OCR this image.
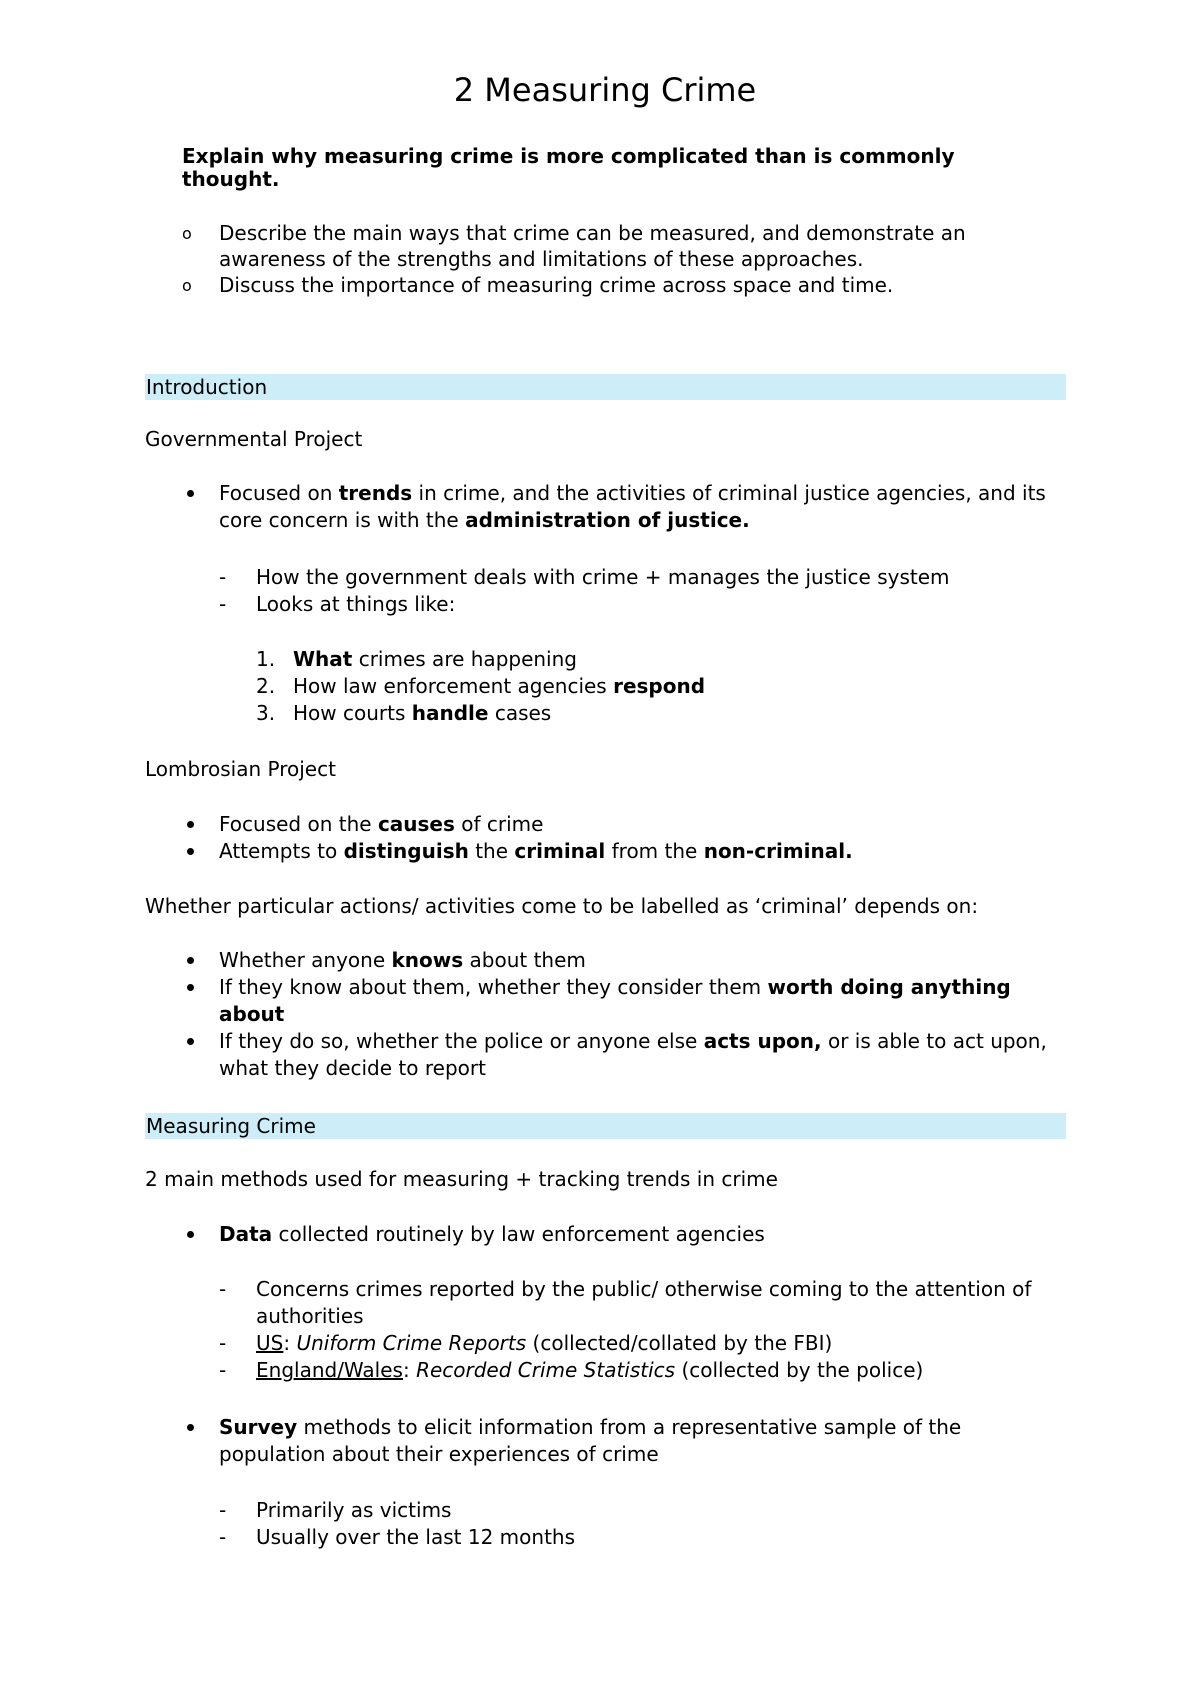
2 Measuring Crime
Explain why measuring crime is more complicated than is commonly thought.
o Describe the main ways that crime can be measured, and demonstrate an awareness of the strengths and limitations of these approaches.
o Discuss the importance of measuring crime across space and time.
Introduction
Governmental Project
Focused on trends in crime, and the activities of criminal justice agencies, and its core concern is with the administration of justice.
- How the government deals with crime + manages the justice system
- Looks at things like:
1. What crimes are happening
2. How law enforcement agencies respond
3. How courts handle cases
Lombrosian Project
Focused on the causes of crime
Attempts to distinguish the criminal from the non-criminal.
Whether particular actions/ activities come to be labelled as ‘criminal’ depends on:
Whether anyone knows about them
If they know about them, whether they consider them worth doing anything about
If they do so, whether the police or anyone else acts upon, or is able to act upon, what they decide to report
Measuring Crime
2 main methods used for measuring + tracking trends in crime
Data collected routinely by law enforcement agencies
- Concerns crimes reported by the public/ otherwise coming to the attention of authorities
- US: Uniform Crime Reports (collected/collated by the FBI)
- England/Wales: Recorded Crime Statistics (collected by the police)
Survey methods to elicit information from a representative sample of the population about their experiences of crime
- Primarily as victims
- Usually over the last 12 months
